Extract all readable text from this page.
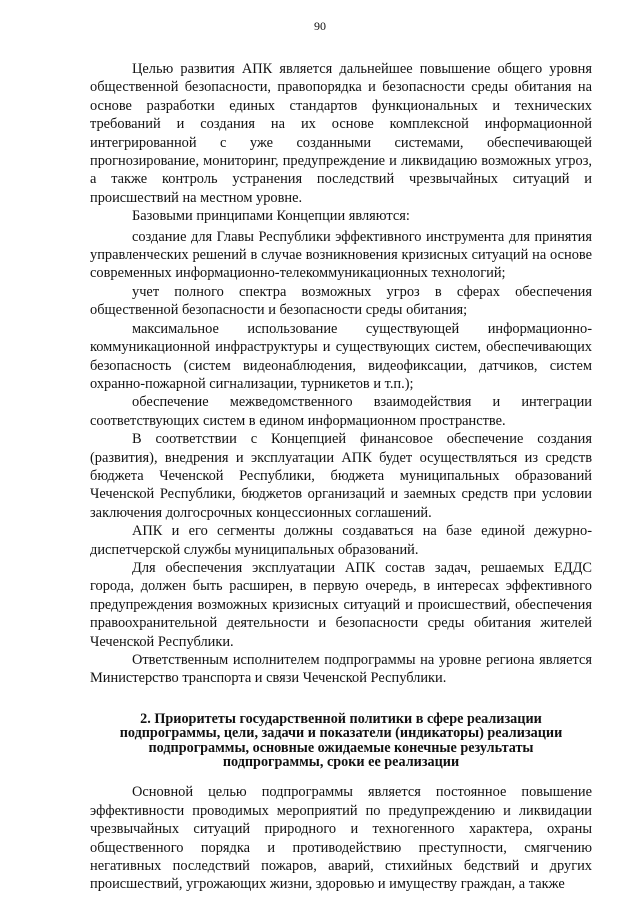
90

Целью развития АПК является дальнейшее повышение общего уровня общественной безопасности, правопорядка и безопасности среды обитания на основе разработки единых стандартов функциональных и технических требований и создания на их основе комплексной информационной интегрированной с уже созданными системами, обеспечивающей прогнозирование, мониторинг, предупреждение и ликвидацию возможных угроз, а также контроль устранения последствий чрезвычайных ситуаций и происшествий на местном уровне.

Базовыми принципами Концепции являются:

создание для Главы Республики эффективного инструмента для принятия управленческих решений в случае возникновения кризисных ситуаций на основе современных информационно-телекоммуникационных технологий;

учет полного спектра возможных угроз в сферах обеспечения общественной безопасности и безопасности среды обитания;

максимальное использование существующей информационно-коммуникационной инфраструктуры и существующих систем, обеспечивающих безопасность (систем видеонаблюдения, видеофиксации, датчиков, систем охранно-пожарной сигнализации, турникетов и т.п.);

обеспечение межведомственного взаимодействия и интеграции соответствующих систем в едином информационном пространстве.

В соответствии с Концепцией финансовое обеспечение создания (развития), внедрения и эксплуатации АПК будет осуществляться из средств бюджета Чеченской Республики, бюджета муниципальных образований Чеченской Республики, бюджетов организаций и заемных средств при условии заключения долгосрочных концессионных соглашений.

АПК и его сегменты должны создаваться на базе единой дежурно-диспетчерской службы муниципальных образований.

Для обеспечения эксплуатации АПК состав задач, решаемых ЕДДС города, должен быть расширен, в первую очередь, в интересах эффективного предупреждения возможных кризисных ситуаций и происшествий, обеспечения правоохранительной деятельности и безопасности среды обитания жителей Чеченской Республики.

Ответственным исполнителем подпрограммы на уровне региона является Министерство транспорта и связи Чеченской Республики.

2. Приоритеты государственной политики в сфере реализации
подпрограммы, цели, задачи и показатели (индикаторы) реализации
подпрограммы, основные ожидаемые конечные результаты
подпрограммы, сроки ее реализации

Основной целью подпрограммы является постоянное повышение эффективности проводимых мероприятий по предупреждению и ликвидации чрезвычайных ситуаций природного и техногенного характера, охраны общественного порядка и противодействию преступности, смягчению негативных последствий пожаров, аварий, стихийных бедствий и других происшествий, угрожающих жизни, здоровью и имуществу граждан, а также
